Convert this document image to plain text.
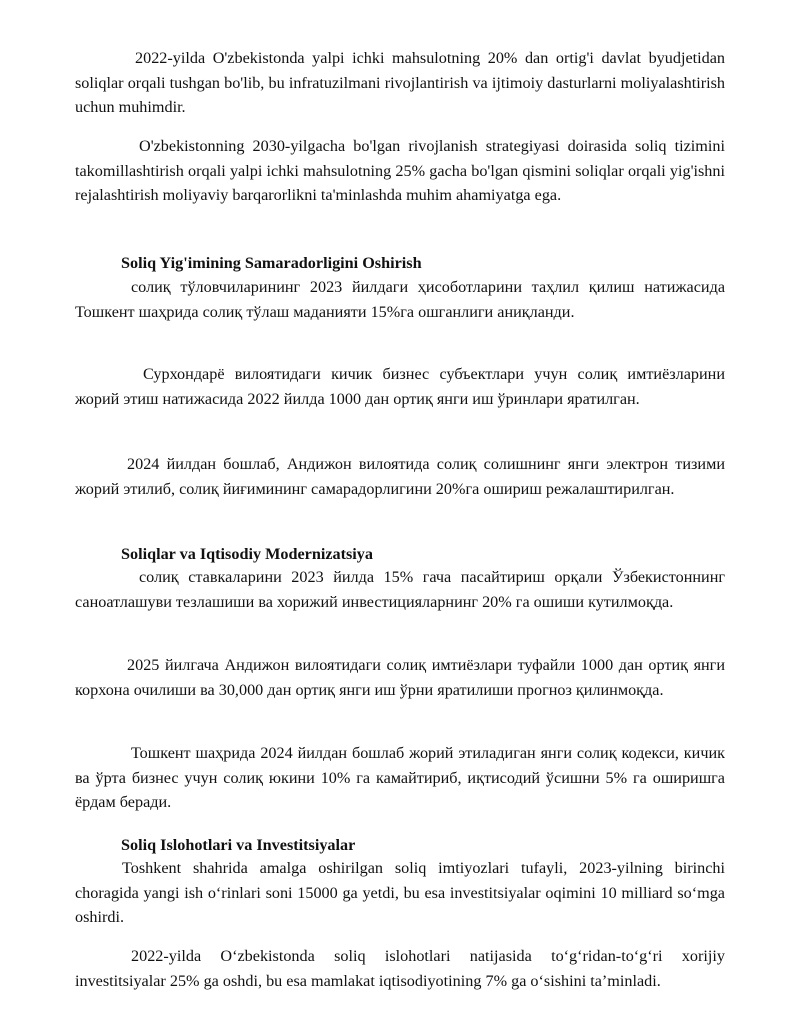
2022-yilda O'zbekistonda yalpi ichki mahsulotning 20% dan ortig'i davlat byudjetidan soliqlar orqali tushgan bo'lib, bu infratuzilmani rivojlantirish va ijtimoiy dasturlarni moliyalashtirish uchun muhimdir.

O'zbekistonning 2030-yilgacha bo'lgan rivojlanish strategiyasi doirasida soliq tizimini takomillashtirish orqali yalpi ichki mahsulotning 25% gacha bo'lgan qismini soliqlar orqali yig'ishni rejalashtirish moliyaviy barqarorlikni ta'minlashda muhim ahamiyatga ega.

Soliq Yig'imining Samaradorligini Oshirish

солиқ тўловчиларининг 2023 йилдаги ҳисоботларини таҳлил қилиш натижасида Тошкент шаҳрида солиқ тўлаш маданияти 15%га ошганлиги аниқланди.

Сурхондарё вилоятидаги кичик бизнес субъектлари учун солиқ имтиёзларини жорий этиш натижасида 2022 йилда 1000 дан ортиқ янги иш ўринлари яратилган.

2024 йилдан бошлаб, Андижон вилоятида солиқ солишнинг янги электрон тизими жорий этилиб, солиқ йиғимининг самарадорлигини 20%га ошириш режалаштирилган.

Soliqlar va Iqtisodiy Modernizatsiya

солиқ ставкаларини 2023 йилда 15% гача пасайтириш орқали Ўзбекистоннинг саноатлашуви тезлашиши ва хорижий инвестицияларнинг 20% га ошиши кутилмоқда.

2025 йилгача Андижон вилоятидаги солиқ имтиёзлари туфайли 1000 дан ортиқ янги корхона очилиши ва 30,000 дан ортиқ янги иш ўрни яратилиши прогноз қилинмоқда.

Тошкент шаҳрида 2024 йилдан бошлаб жорий этиладиган янги солиқ кодекси, кичик ва ўрта бизнес учун солиқ юкини 10% га камайтириб, иқтисодий ўсишни 5% га оширишга ёрдам беради.

Soliq Islohotlari va Investitsiyalar

Toshkent shahrida amalga oshirilgan soliq imtiyozlari tufayli, 2023-yilning birinchi choragida yangi ish oʻrinlari soni 15000 ga yetdi, bu esa investitsiyalar oqimini 10 milliard soʻmga oshirdi.

2022-yilda Oʻzbekistonda soliq islohotlari natijasida toʻgʻridan-toʻgʻri xorijiy investitsiyalar 25% ga oshdi, bu esa mamlakat iqtisodiyotining 7% ga oʻsishini taʼminladi.
